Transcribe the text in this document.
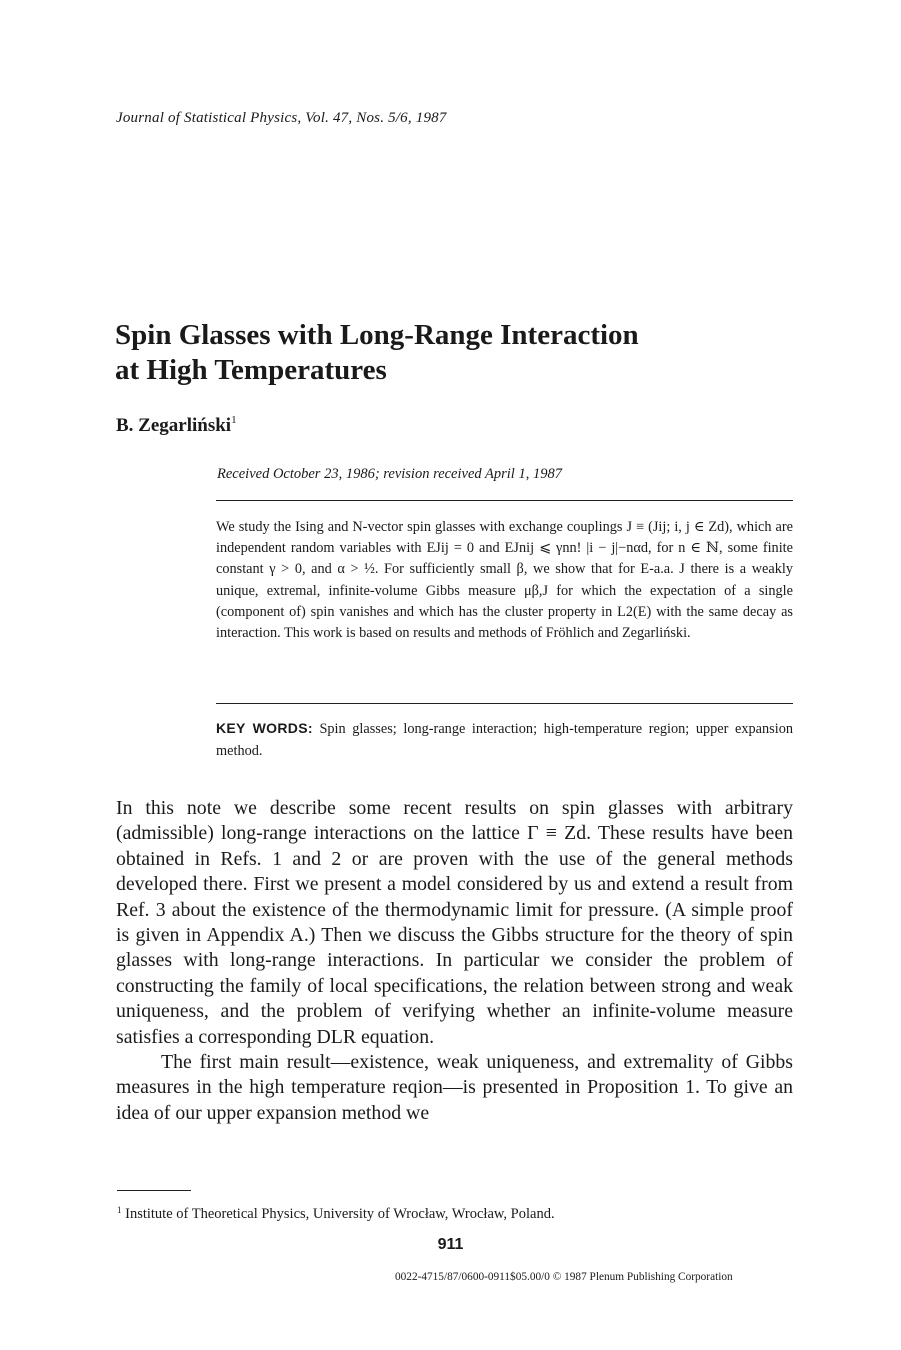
Journal of Statistical Physics, Vol. 47, Nos. 5/6, 1987
Spin Glasses with Long-Range Interaction
at High Temperatures
B. Zegarliński$^1$
Received October 23, 1986; revision received April 1, 1987

We study the Ising and N-vector spin glasses with exchange couplings J ≡ (Jij; i, j ∈ Zd), which are independent random variables with EJij = 0 and EJnij ⩽ γnn! |i − j|−nαd, for n ∈ ℕ, some finite constant γ > 0, and α > ½. For sufficiently small β, we show that for E-a.a. J there is a weakly unique, extremal, infinite-volume Gibbs measure μβ,J for which the expectation of a single (component of) spin vanishes and which has the cluster property in L2(E) with the same decay as interaction. This work is based on results and methods of Fröhlich and Zegarliński.

KEY WORDS: Spin glasses; long-range interaction; high-temperature region; upper expansion method.

In this note we describe some recent results on spin glasses with arbitrary (admissible) long-range interactions on the lattice Γ ≡ Zd. These results have been obtained in Refs. 1 and 2 or are proven with the use of the general methods developed there. First we present a model considered by us and extend a result from Ref. 3 about the existence of the thermodynamic limit for pressure. (A simple proof is given in Appendix A.) Then we discuss the Gibbs structure for the theory of spin glasses with long-range interactions. In particular we consider the problem of constructing the family of local specifications, the relation between strong and weak uniqueness, and the problem of verifying whether an infinite-volume measure satisfies a corresponding DLR equation.

The first main result—existence, weak uniqueness, and extremality of Gibbs measures in the high temperature reqion—is presented in Proposition 1. To give an idea of our upper expansion method we

$^1$ Institute of Theoretical Physics, University of Wrocław, Wrocław, Poland.
911
0022-4715/87/0600-0911$05.00/0 © 1987 Plenum Publishing Corporation
